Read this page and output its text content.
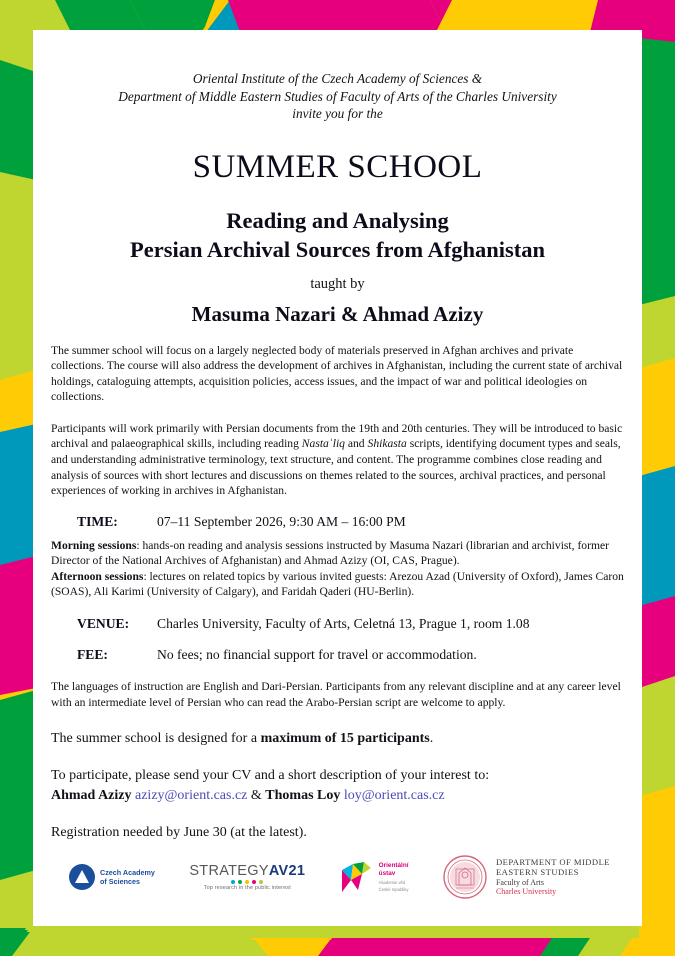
Oriental Institute of the Czech Academy of Sciences &
Department of Middle Eastern Studies of Faculty of Arts of the Charles University
invite you for the
SUMMER SCHOOL
Reading and Analysing
Persian Archival Sources from Afghanistan
taught by
Masuma Nazari & Ahmad Azizy
The summer school will focus on a largely neglected body of materials preserved in Afghan archives and private collections. The course will also address the development of archives in Afghanistan, including the current state of archival holdings, cataloguing attempts, acquisition policies, access issues, and the impact of war and political ideologies on collections.
Participants will work primarily with Persian documents from the 19th and 20th centuries. They will be introduced to basic archival and palaeographical skills, including reading Nastaʿliq and Shikasta scripts, identifying document types and seals, and understanding administrative terminology, text structure, and content. The programme combines close reading and analysis of sources with short lectures and discussions on themes related to the sources, archival practices, and personal experiences of working in archives in Afghanistan.
TIME:	07–11 September 2026, 9:30 AM – 16:00 PM
Morning sessions: hands-on reading and analysis sessions instructed by Masuma Nazari (librarian and archivist, former Director of the National Archives of Afghanistan) and Ahmad Azizy (OI, CAS, Prague).
Afternoon sessions: lectures on related topics by various invited guests: Arezou Azad (University of Oxford), James Caron (SOAS), Ali Karimi (University of Calgary), and Faridah Qaderi (HU-Berlin).
VENUE:	Charles University, Faculty of Arts, Celetná 13, Prague 1, room 1.08
FEE:	No fees; no financial support for travel or accommodation.
The languages of instruction are English and Dari-Persian. Participants from any relevant discipline and at any career level with an intermediate level of Persian who can read the Arabo-Persian script are welcome to apply.
The summer school is designed for a maximum of 15 participants.
To participate, please send your CV and a short description of your interest to:
Ahmad Azizy azizy@orient.cas.cz & Thomas Loy loy@orient.cas.cz
Registration needed by June 30 (at the latest).
Czech Academy
of Sciences
STRATEGYAV21
Top research in the public interest
Orientální
ústav
Akademie věd
České republiky
DEPARTMENT OF MIDDLE
EASTERN STUDIES
Faculty of Arts
Charles University
